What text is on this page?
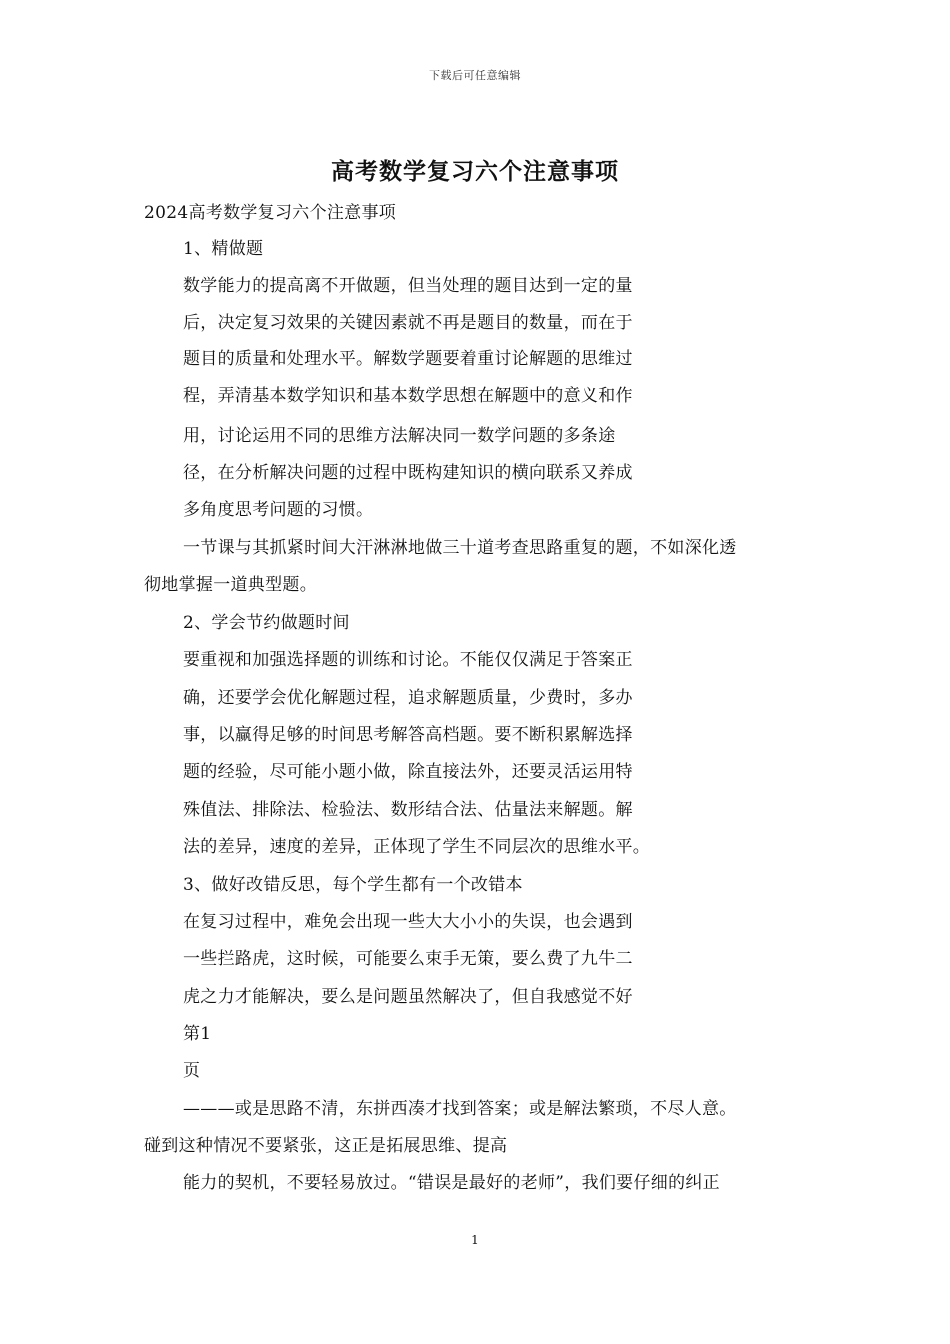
下载后可任意编辑
高考数学复习六个注意事项
2024高考数学复习六个注意事项
1、精做题
数学能力的提高离不开做题，但当处理的题目达到一定的量
后，决定复习效果的关键因素就不再是题目的数量，而在于
题目的质量和处理水平。解数学题要着重讨论解题的思维过
程，弄清基本数学知识和基本数学思想在解题中的意义和作
用，讨论运用不同的思维方法解决同一数学问题的多条途
径，在分析解决问题的过程中既构建知识的横向联系又养成
多角度思考问题的习惯。
一节课与其抓紧时间大汗淋淋地做三十道考查思路重复的题，不如深化透
彻地掌握一道典型题。
2、学会节约做题时间
要重视和加强选择题的训练和讨论。不能仅仅满足于答案正
确，还要学会优化解题过程，追求解题质量，少费时，多办
事，以赢得足够的时间思考解答高档题。要不断积累解选择
题的经验，尽可能小题小做，除直接法外，还要灵活运用特
殊值法、排除法、检验法、数形结合法、估量法来解题。解
法的差异，速度的差异，正体现了学生不同层次的思维水平。
3、做好改错反思，每个学生都有一个改错本
在复习过程中，难免会出现一些大大小小的失误，也会遇到
一些拦路虎，这时候，可能要么束手无策，要么费了九牛二
虎之力才能解决，要么是问题虽然解决了，但自我感觉不好
第1
页
———或是思路不清，东拼西凑才找到答案；或是解法繁琐，不尽人意。
碰到这种情况不要紧张，这正是拓展思维、提高
能力的契机，不要轻易放过。“错误是最好的老师”，我们要仔细的纠正
1
